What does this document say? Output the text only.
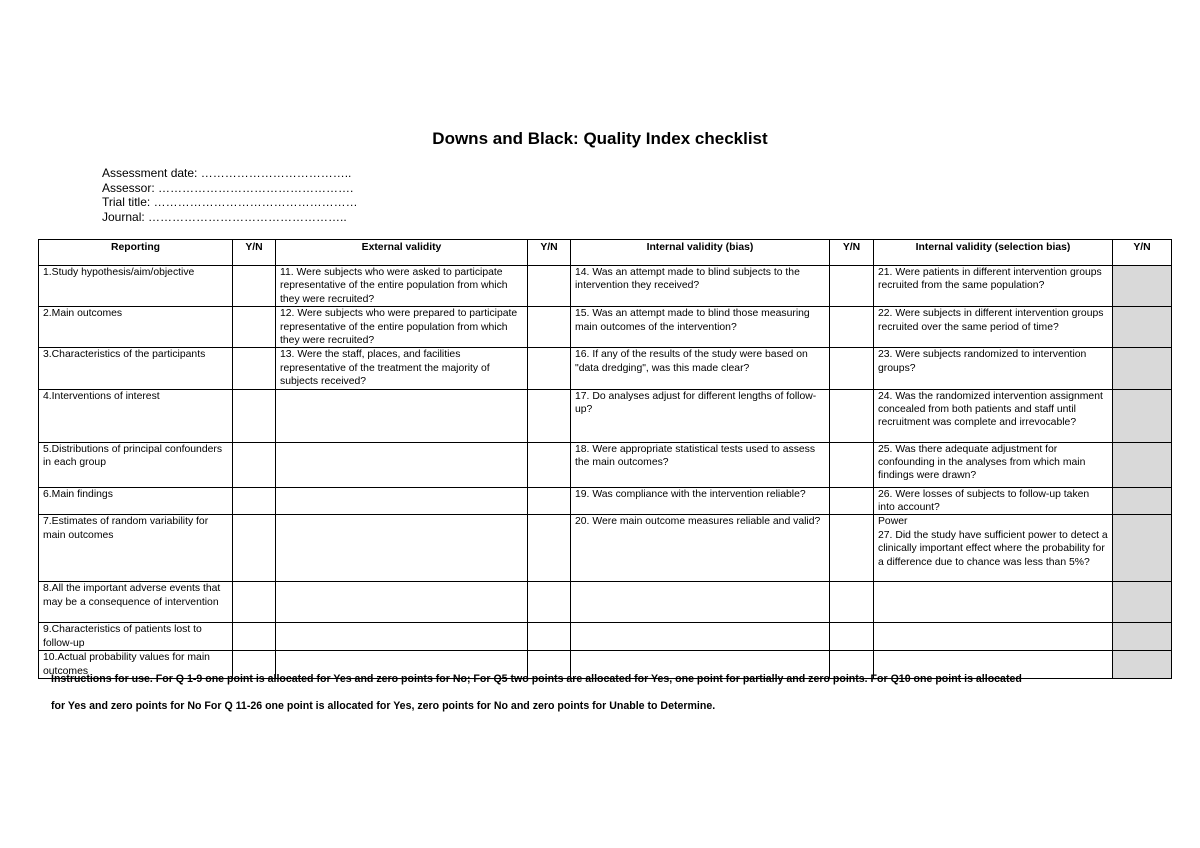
Downs and Black: Quality Index checklist
Assessment date: ………………………………..
Assessor: ………………………………………….
Trial title: ……………………………………………
Journal: …………………………………………..
Reporting	Y/N	External validity	Y/N	Internal validity (bias)	Y/N	Internal validity (selection bias)	Y/N
1.Study hypothesis/aim/objective		11. Were subjects who were asked to participate representative of the entire population from which they were recruited?		14. Was an attempt made to blind subjects to the intervention they received?		21. Were patients in different intervention groups recruited from the same population?	
2.Main outcomes		12. Were subjects who were prepared to participate representative of the entire population from which they were recruited?		15. Was an attempt made to blind those measuring main outcomes of the intervention?		22. Were subjects in different intervention groups recruited over the same period of time?	
3.Characteristics of the participants		13. Were the staff, places, and facilities representative of the treatment the majority of subjects received?		16. If any of the results of the study were based on "data dredging", was this made clear?		23. Were subjects randomized to intervention groups?	
4.Interventions of interest				17. Do analyses adjust for different lengths of follow-up?		24. Was the randomized intervention assignment concealed from both patients and staff until recruitment was complete and irrevocable?	
5.Distributions of principal confounders in each group				18. Were appropriate statistical tests used to assess the main outcomes?		25. Was there adequate adjustment for confounding in the analyses from which main findings were drawn?	
6.Main findings				19. Was compliance with the intervention reliable?		26. Were losses of subjects to follow-up taken into account?	
7.Estimates of random variability for main outcomes				20. Were main outcome measures reliable and valid?		Power
27. Did the study have sufficient power to detect a clinically important effect where the probability for a difference due to chance was less than 5%?	

8.All the important adverse events that may be a consequence of intervention							
9.Characteristics of patients lost to follow-up							
10.Actual probability values for main outcomes							
Instructions for use. For Q 1-9 one point is allocated for Yes and zero points for No; For Q5 two points are allocated for Yes, one point for partially and zero points. For Q10 one point is allocated
for Yes and zero points for No For Q 11-26 one point is allocated for Yes, zero points for No and zero points for Unable to Determine.
